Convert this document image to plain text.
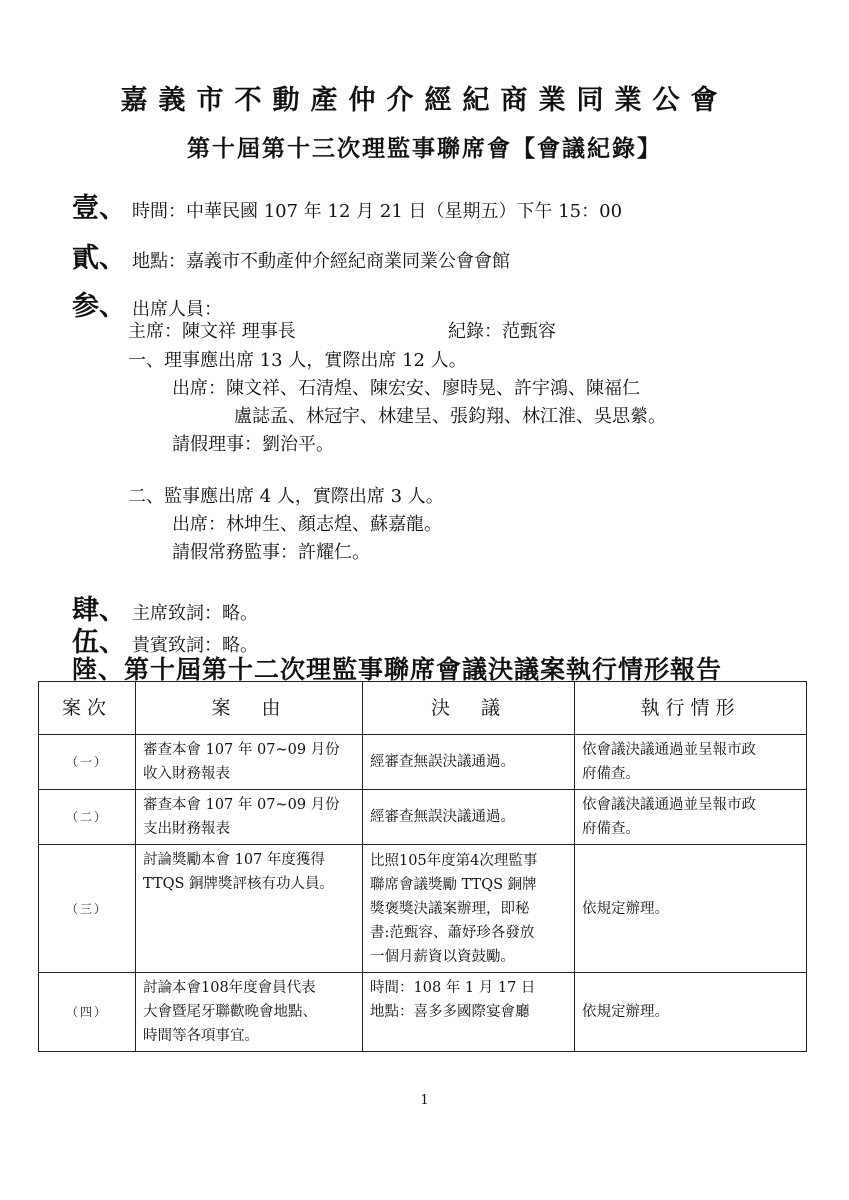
嘉義市不動產仲介經紀商業同業公會
第十屆第十三次理監事聯席會【會議紀錄】
壹、 時間：中華民國 107 年 12 月 21 日（星期五）下午 15：00
貳、 地點：嘉義市不動產仲介經紀商業同業公會會館
参、 出席人員：
主席：陳文祥 理事長	紀錄：范甄容
一、理事應出席 13 人，實際出席 12 人。
出席：陳文祥、石清煌、陳宏安、廖時晃、許宇鴻、陳福仁
盧誌孟、林冠宇、林建呈、張鈞翔、林江淮、吳思縈。
請假理事：劉治平。
二、監事應出席 4 人，實際出席 3 人。
出席：林坤生、顏志煌、蘇嘉龍。
請假常務監事：許耀仁。
肆、 主席致詞：略。
伍、 貴賓致詞：略。
陸、第十屆第十二次理監事聯席會議決議案執行情形報告
案次	案　由	決　議	執行情形
（一）	審查本會 107 年 07~09 月份
收入財務報表	經審查無誤決議通過。	依會議決議通過並呈報市政
府備查。

（二）	審查本會 107 年 07~09 月份
支出財務報表	經審查無誤決議通過。	依會議決議通過並呈報市政
府備查。

（三）	討論獎勵本會 107 年度獲得
TTQS 銅牌獎評核有功人員。	比照105年度第4次理監事
聯席會議獎勵 TTQS 銅牌
獎褒獎決議案辦理，即秘
書:范甄容、蕭妤珍各發放
一個月薪資以資鼓勵。	依規定辦理。

（四）	討論本會108年度會員代表
大會暨尾牙聯歡晚會地點、
時間等各項事宜。	時間：108 年 1 月 17 日
地點：喜多多國際宴會廳	依規定辦理。
1
